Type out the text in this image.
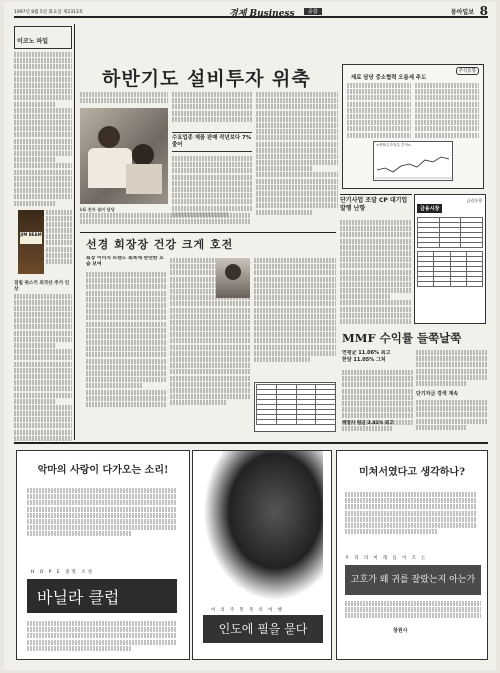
1997년 8월 5일 화요일 제2313호	경제 Business	종합	동아일보 8
이코노 파일
JIM BEAM
짐빔 위스키 외국산 추가 인상
하반기도 설비투자 위축
LG 전자 설비 담당
수요업종 제품 판매 작년보다 7% 줄어
단기사업 조달 CP 대기업 발행 난항
주식동향
재료 담당 중소협력 오름세 주도
<종합주가지수 추이>
금융시장
금리동향

선경 회장장 건강 크게 호전
회장 이미지 트렌드 회복세 완연한 모습 보여

MMF 수익률 들쭉날쭉
연평균 11.06% 최고
한달 11.05% 그쳐
단기자금 경색 계속
악마의 사랑이 다가오는 소리!
H O P E 중앙 소설
바닐라 클럽
여 의 주 민 족 의 여 행
인도에 필을 묻다
미쳐서였다고 생각하나?
우 리 의 미 래 를 이 끄 는
고호가 왜 귀를 잘랐는지 아는가
창원사
계열사 평균 3.41% 최고
